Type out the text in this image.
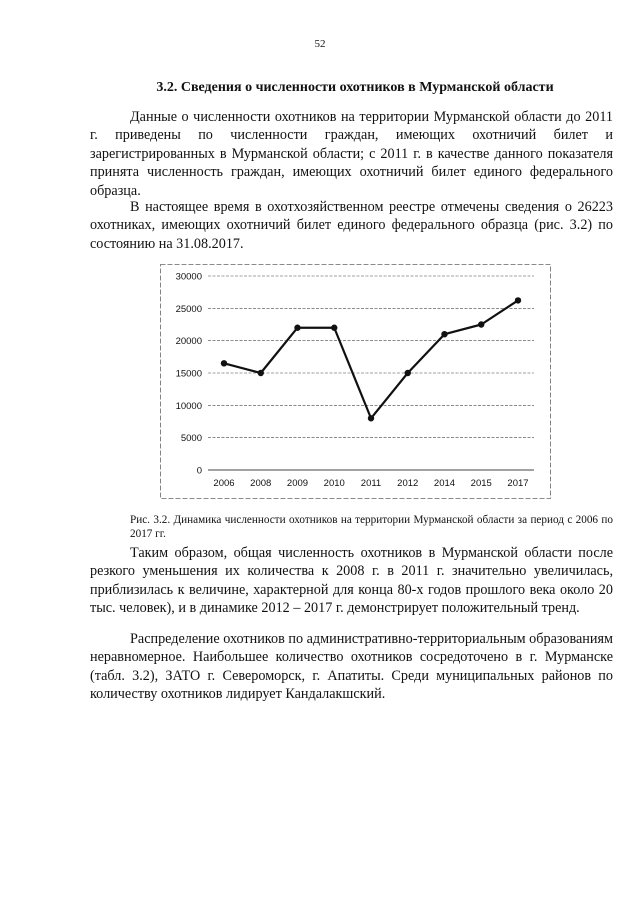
52
3.2. Сведения о численности охотников в Мурманской области

Данные о численности охотников на территории Мурманской области до 2011 г. приведены по численности граждан, имеющих охотничий билет и зарегистрированных в Мурманской области; с 2011 г. в качестве данного показателя принята численность граждан, имеющих охотничий билет единого федерального образца.

В настоящее время в охотхозяйственном реестре отмечены сведения о 26223 охотниках, имеющих охотничий билет единого федерального образца (рис. 3.2) по состоянию на 31.08.2017.

0
5000
10000
15000
20000
25000
30000
2006 2008 2009 2010 2011 2012 2014 2015 2017
Рис. 3.2. Динамика численности охотников на территории Мурманской области за период с 2006 по 2017 гг.

Таким образом, общая численность охотников в Мурманской области после резкого уменьшения их количества к 2008 г. в 2011 г. значительно увеличилась, приблизилась к величине, характерной для конца 80-х годов прошлого века около 20 тыс. человек), и в динамике 2012 – 2017 г. демонстрирует положительный тренд.

Распределение охотников по административно-территориальным образованиям неравномерное. Наибольшее количество охотников сосредоточено в г. Мурманске (табл. 3.2), ЗАТО г. Североморск, г. Апатиты. Среди муниципальных районов по количеству охотников лидирует Кандалакшский.
